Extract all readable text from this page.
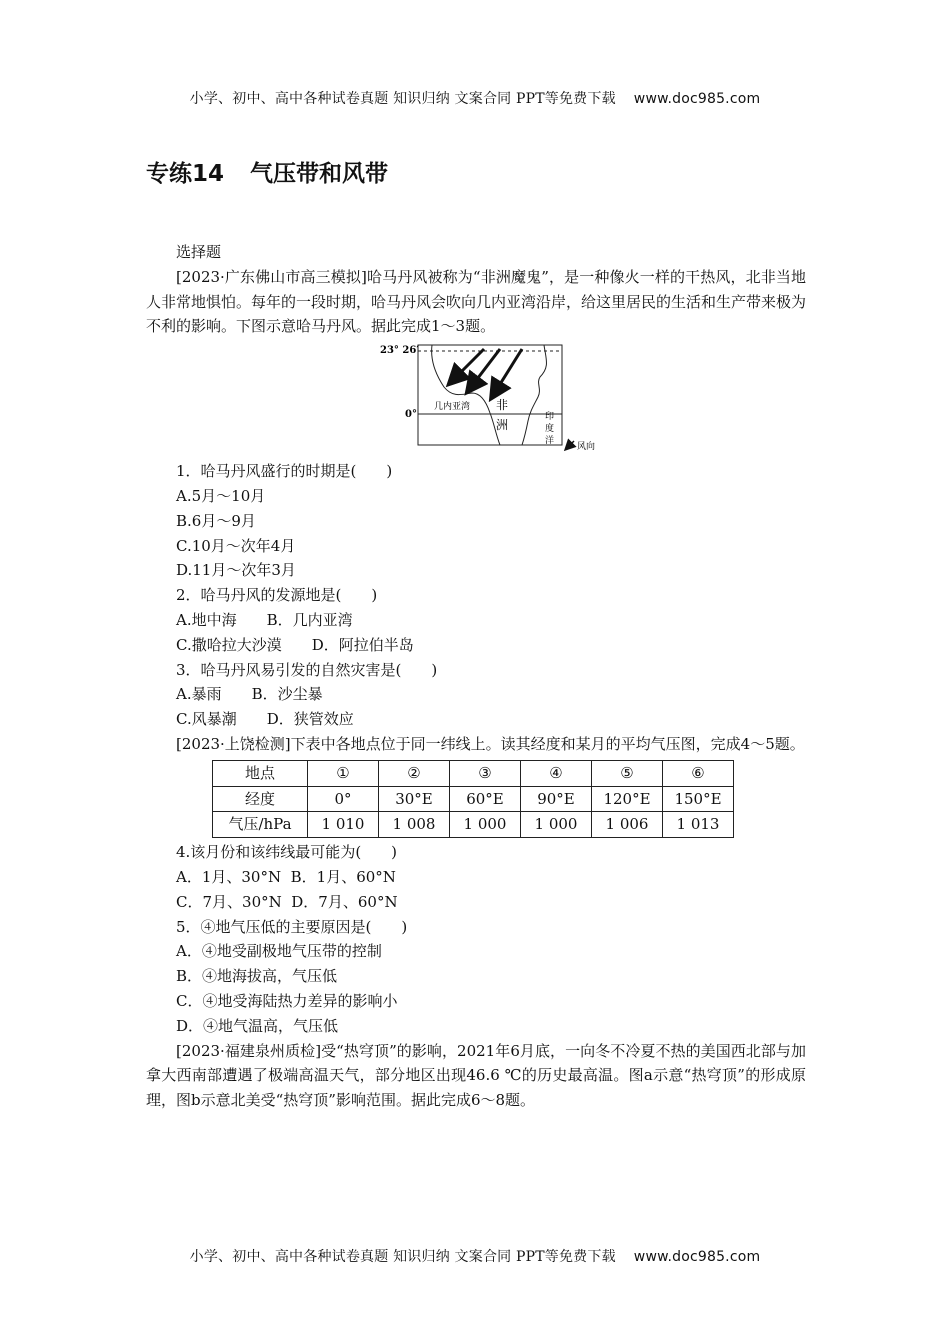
小学、初中、高中各种试卷真题 知识归纳 文案合同 PPT等免费下载 www.doc985.com
专练14 气压带和风带

选择题

[2023·广东佛山市高三模拟]哈马丹风被称为“非洲魔鬼”，是一种像火一样的干热风，北非当地人非常地惧怕。每年的一段时期，哈马丹风会吹向几内亚湾沿岸，给这里居民的生活和生产带来极为不利的影响。下图示意哈马丹风。据此完成1～3题。

23° 26′
0°
几内亚湾 非
洲
印
度
洋
风向

1．哈马丹风盛行的时期是(　　)

A.5月～10月

B.6月～9月

C.10月～次年4月

D.11月～次年3月

2．哈马丹风的发源地是(　　)

A.地中海 B．几内亚湾

C.撒哈拉大沙漠 D．阿拉伯半岛

3．哈马丹风易引发的自然灾害是(　　)

A.暴雨 B．沙尘暴

C.风暴潮 D．狭管效应

[2023·上饶检测]下表中各地点位于同一纬线上。读其经度和某月的平均气压图，完成4～5题。

地点	①	②	③	④	⑤	⑥
经度	0°	30°E	60°E	90°E	120°E	150°E
气压/hPa	1 010	1 008	1 000	1 000	1 006	1 013

4.该月份和该纬线最可能为(　　)

A．1月、30°N B．1月、60°N

C．7月、30°N D．7月、60°N

5．④地气压低的主要原因是(　　)

A．④地受副极地气压带的控制

B．④地海拔高，气压低

C．④地受海陆热力差异的影响小

D．④地气温高，气压低

[2023·福建泉州质检]受“热穹顶”的影响，2021年6月底，一向冬不冷夏不热的美国西北部与加拿大西南部遭遇了极端高温天气，部分地区出现46.6 ℃的历史最高温。图a示意“热穹顶”的形成原理，图b示意北美受“热穹顶”影响范围。据此完成6～8题。

小学、初中、高中各种试卷真题 知识归纳 文案合同 PPT等免费下载 www.doc985.com
